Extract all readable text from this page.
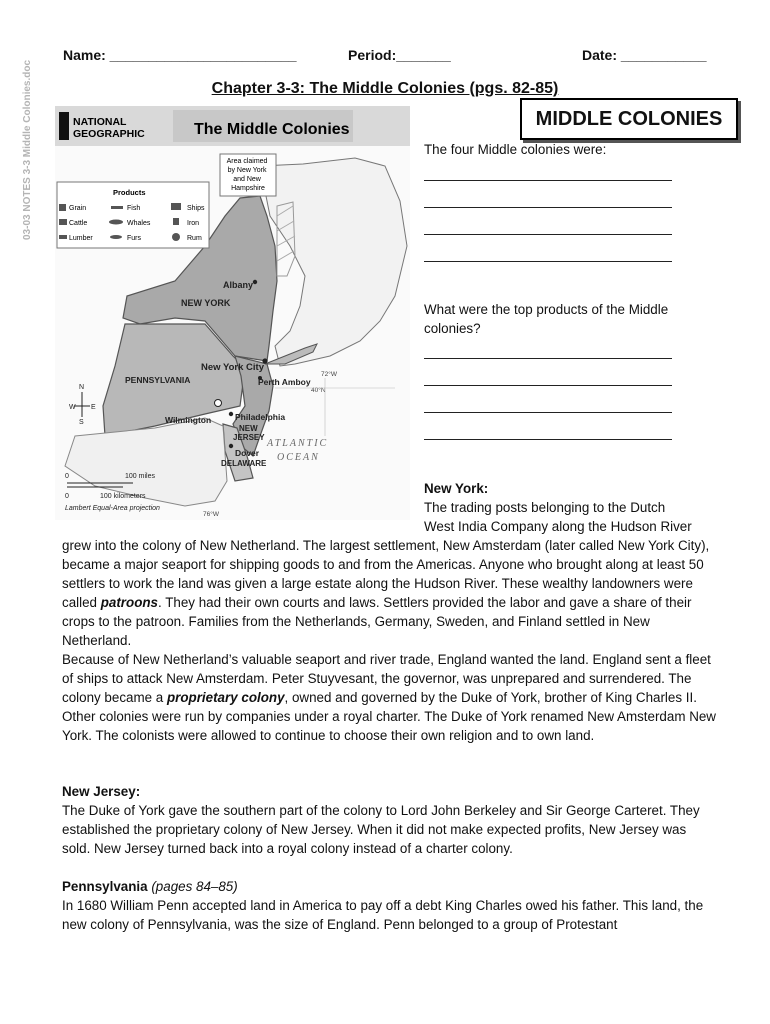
03-03 NOTES 3-3 Middle Colonies.doc
Name: ________________________	Period:_______	Date: ___________
Chapter 3-3: The Middle Colonies (pgs. 82-85)
MIDDLE COLONIES
NATIONAL
GEOGRAPHIC	The Middle Colonies
Area claimed by New York and New Hampshire
Products
Grain	Fish	Ships
Cattle	Whales	Iron
Lumber	Furs	Rum
Albany
NEW YORK
New York City
Perth Amboy
PENNSYLVANIA
Wilmington	Philadelphia
NEW
JERSEY
Dover
DELAWARE
ATLANTIC
OCEAN
72°W
40°N
76°W
N
W E
S
0	100 miles
0	100 kilometers
Lambert Equal-Area projection
The four Middle colonies were:
What were the top products of the Middle colonies?
New York:
The trading posts belonging to the Dutch
West India Company along the Hudson River
grew into the colony of New Netherland. The largest settlement, New Amsterdam (later called New York City), became a major seaport for shipping goods to and from the Americas. Anyone who brought along at least 50 settlers to work the land was given a large estate along the Hudson River. These wealthy landowners were called patroons. They had their own courts and laws. Settlers provided the labor and gave a share of their crops to the patroon. Families from the Netherlands, Germany, Sweden, and Finland settled in New Netherland.
Because of New Netherland’s valuable seaport and river trade, England wanted the land. England sent a fleet of ships to attack New Amsterdam. Peter Stuyvesant, the governor, was unprepared and surrendered. The colony became a proprietary colony, owned and governed by the Duke of York, brother of King Charles II. Other colonies were run by companies under a royal charter. The Duke of York renamed New Amsterdam New York. The colonists were allowed to continue to choose their own religion and to own land.
New Jersey:
The Duke of York gave the southern part of the colony to Lord John Berkeley and Sir George Carteret. They established the proprietary colony of New Jersey. When it did not make expected profits, New Jersey was sold. New Jersey turned back into a royal colony instead of a charter colony.
Pennsylvania (pages 84–85)
In 1680 William Penn accepted land in America to pay off a debt King Charles owed his father. This land, the new colony of Pennsylvania, was the size of England. Penn belonged to a group of Protestant
